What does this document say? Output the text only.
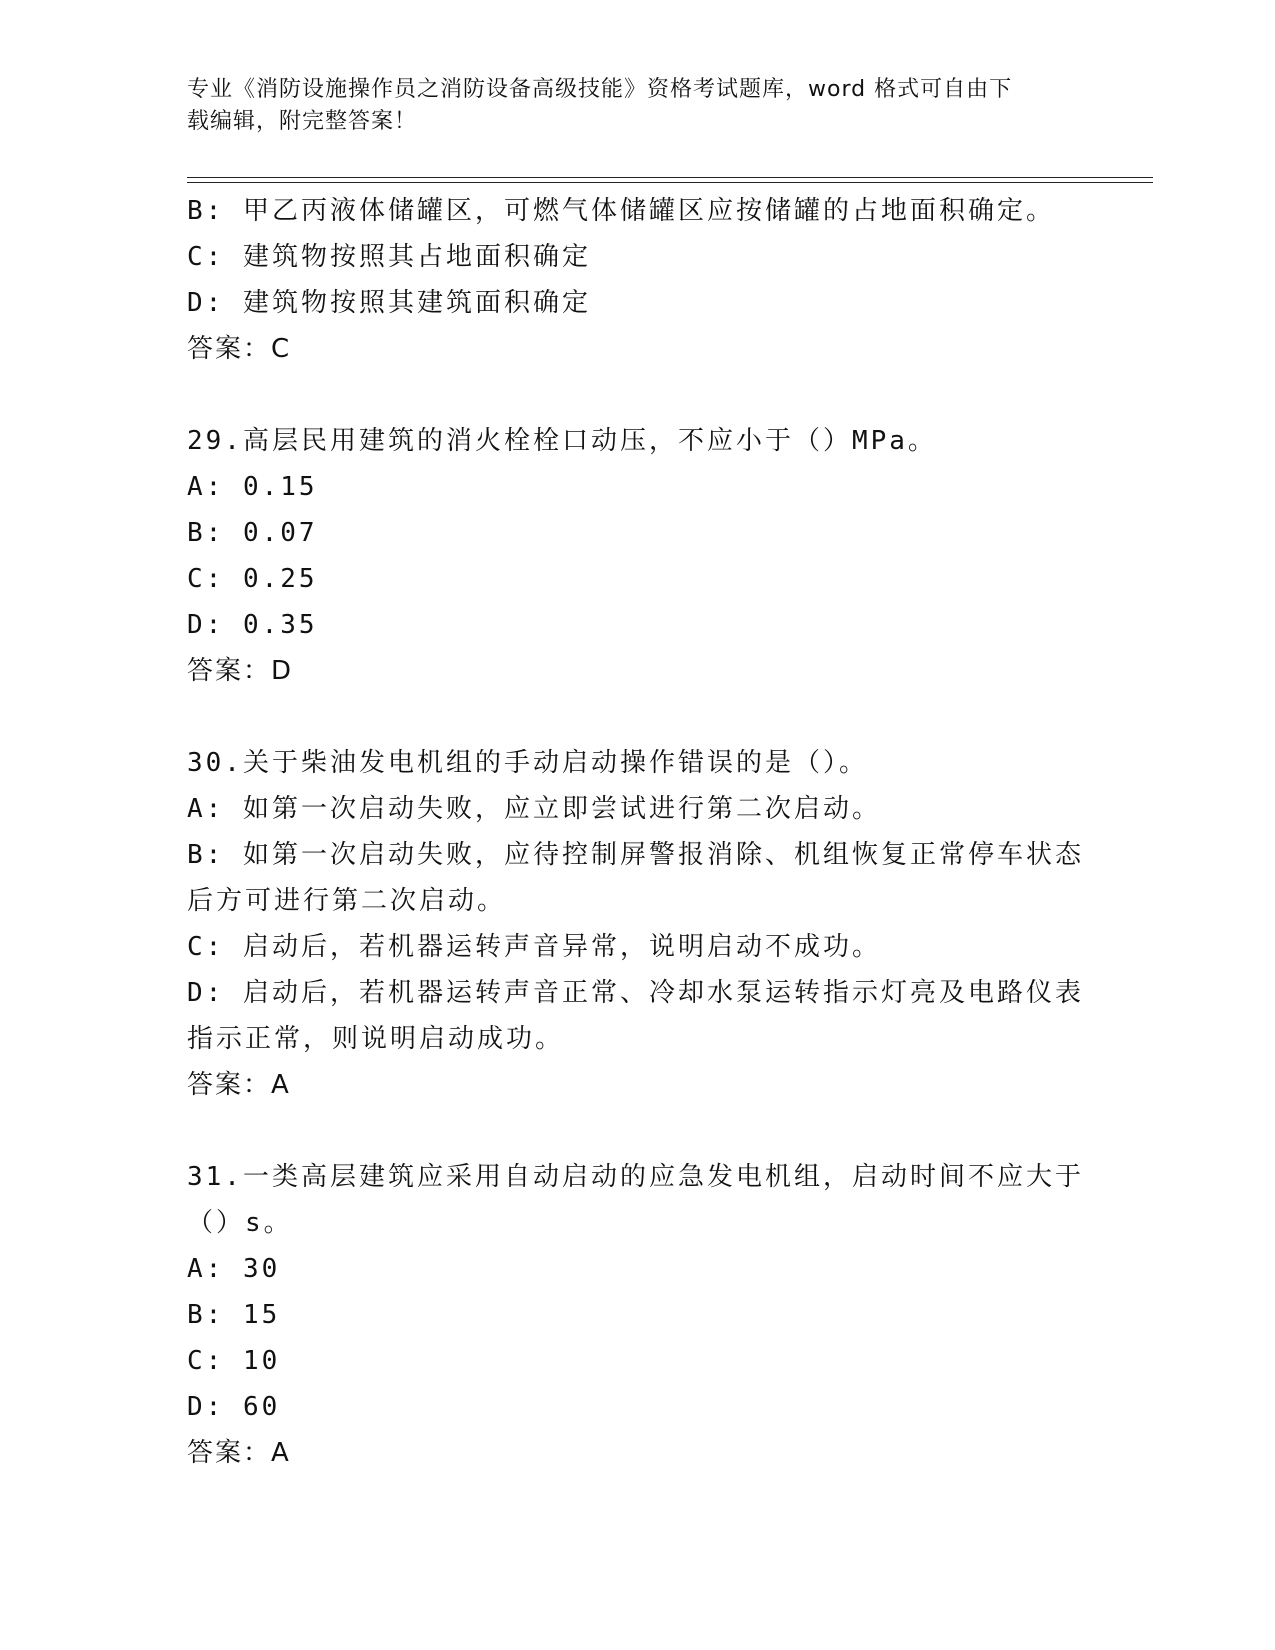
专业《消防设施操作员之消防设备高级技能》资格考试题库，word 格式可自由下
载编辑，附完整答案！
B: 甲乙丙液体储罐区，可燃气体储罐区应按储罐的占地面积确定。
C: 建筑物按照其占地面积确定
D: 建筑物按照其建筑面积确定
答案：C
29.高层民用建筑的消火栓栓口动压，不应小于（）MPa。
A: 0.15
B: 0.07
C: 0.25
D: 0.35
答案：D
30.关于柴油发电机组的手动启动操作错误的是（）。
A: 如第一次启动失败，应立即尝试进行第二次启动。
B: 如第一次启动失败，应待控制屏警报消除、机组恢复正常停车状态后方可进行第二次启动。
C: 启动后，若机器运转声音异常，说明启动不成功。
D: 启动后，若机器运转声音正常、冷却水泵运转指示灯亮及电路仪表指示正常，则说明启动成功。
答案：A
31.一类高层建筑应采用自动启动的应急发电机组，启动时间不应大于（）s。
A: 30
B: 15
C: 10
D: 60
答案：A
